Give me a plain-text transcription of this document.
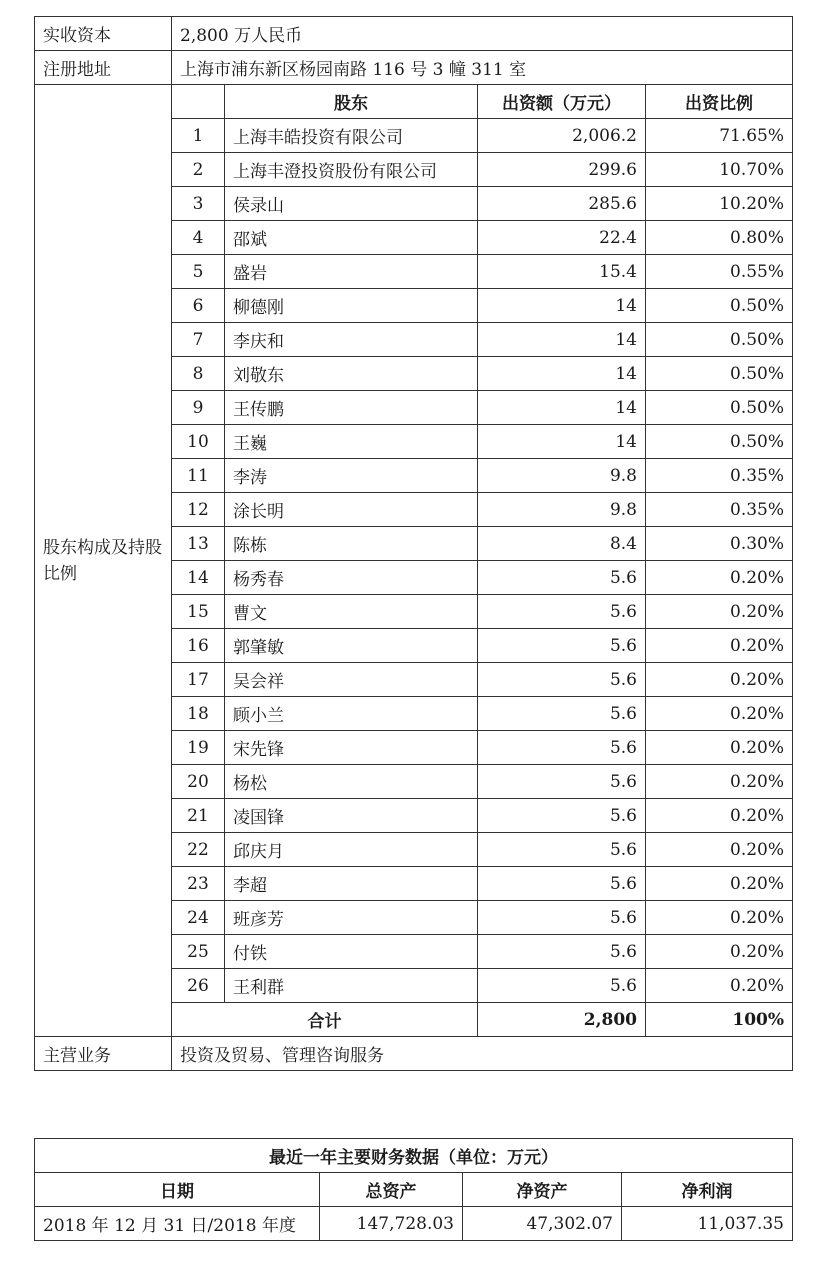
实收资本	2,800 万人民币			
注册地址	上海市浦东新区杨园南路 116 号 3 幢 311 室			
股东构成及持股比例		股东	出资额（万元）	出资比例
	1	上海丰皓投资有限公司	2,006.2	71.65%
	2	上海丰澄投资股份有限公司	299.6	10.70%
	3	侯录山	285.6	10.20%
	4	邵斌	22.4	0.80%
	5	盛岩	15.4	0.55%
	6	柳德刚	14	0.50%
	7	李庆和	14	0.50%
	8	刘敬东	14	0.50%
	9	王传鹏	14	0.50%
	10	王巍	14	0.50%
	11	李涛	9.8	0.35%
	12	涂长明	9.8	0.35%
	13	陈栋	8.4	0.30%
	14	杨秀春	5.6	0.20%
	15	曹文	5.6	0.20%
	16	郭肇敏	5.6	0.20%
	17	吴会祥	5.6	0.20%
	18	顾小兰	5.6	0.20%
	19	宋先锋	5.6	0.20%
	20	杨松	5.6	0.20%
	21	凌国锋	5.6	0.20%
	22	邱庆月	5.6	0.20%
	23	李超	5.6	0.20%
	24	班彦芳	5.6	0.20%
	25	付铁	5.6	0.20%
	26	王利群	5.6	0.20%
	合计		2,800	100%
主营业务	投资及贸易、管理咨询服务			
最近一年主要财务数据（单位：万元）			
日期	总资产	净资产	净利润
2018 年 12 月 31 日/2018 年度	147,728.03	47,302.07	11,037.35
